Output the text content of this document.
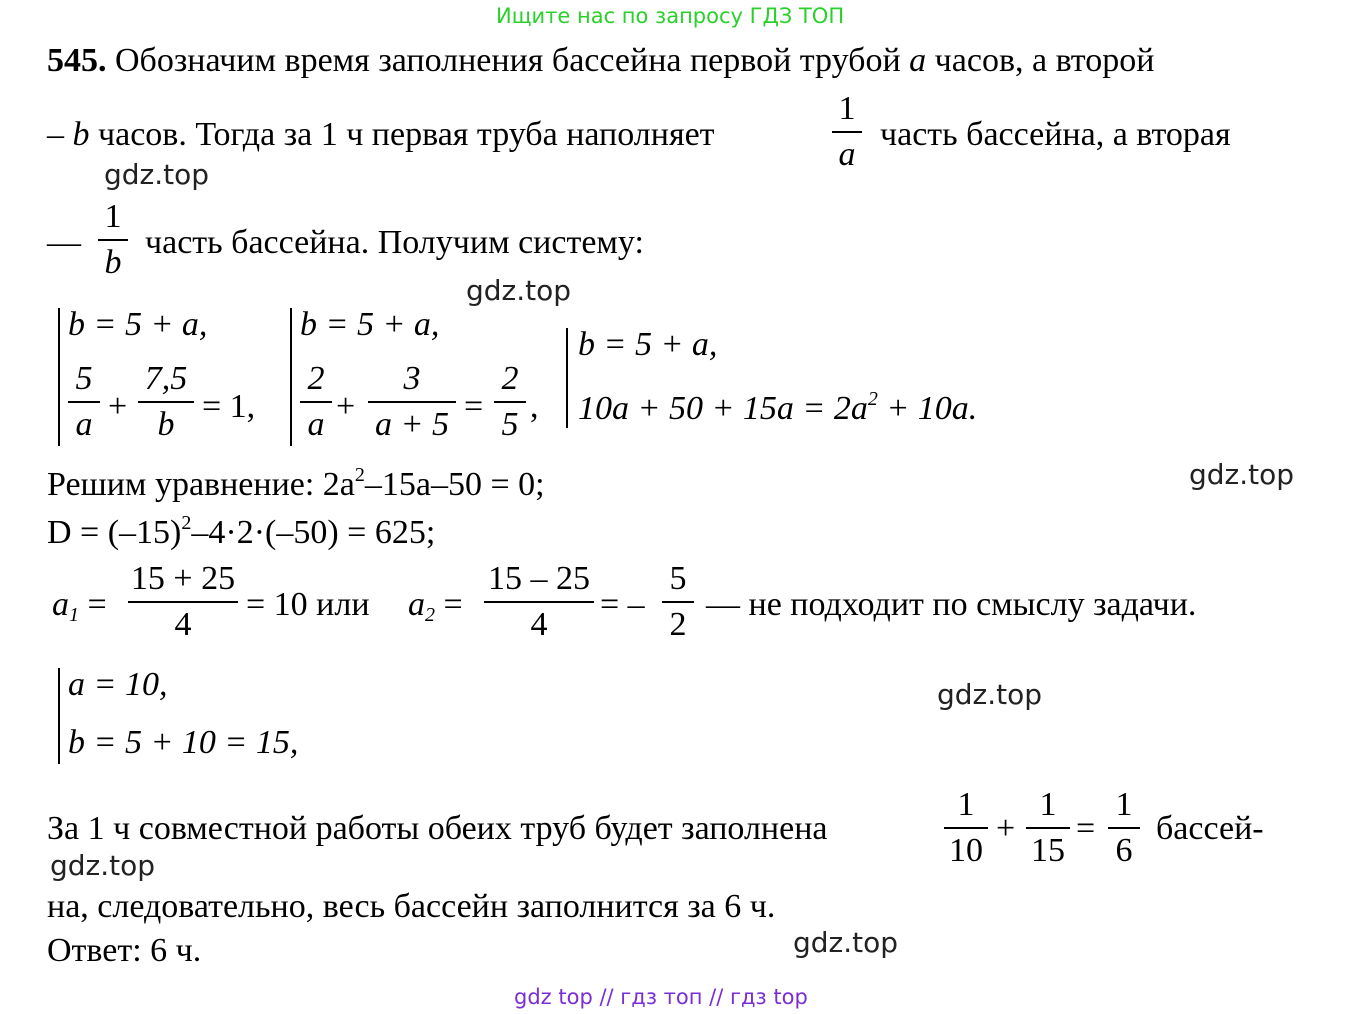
Ищите нас по запросу ГДЗ ТОП
gdz top // гдз топ // гдз top
gdz.top
gdz.top
gdz.top
gdz.top
gdz.top
gdz.top
545. Обозначим время заполнения бассейна первой трубой a часов, а второй
– b часов. Тогда за 1 ч первая труба наполняет
1
a
часть бассейна, а вторая
—
1
b
часть бассейна. Получим систему:
b = 5 + a,
5
a +
7,5
b = 1,
b = 5 + a,
2
a +
3
a + 5 =
2
5 ,
b = 5 + a,
$10a + 50 + 15a = 2a^2 + 10a$.
Решим уравнение: $2a^2-15a-50 = 0$;
$D = (-15)^2-4\cdot 2\cdot(-50) = 625$;
$a_1$ =
15 + 25
4
= 10 или $a_2$ =
15 – 25
4
= –
5
2
— не подходит по смыслу задачи.
a = 10,
b = 5 + 10 = 15,
За 1 ч совместной работы обеих труб будет заполнена
1
10
+
1
15
=
1
6
бассей-
на, следовательно, весь бассейн заполнится за 6 ч.
Ответ: 6 ч.
